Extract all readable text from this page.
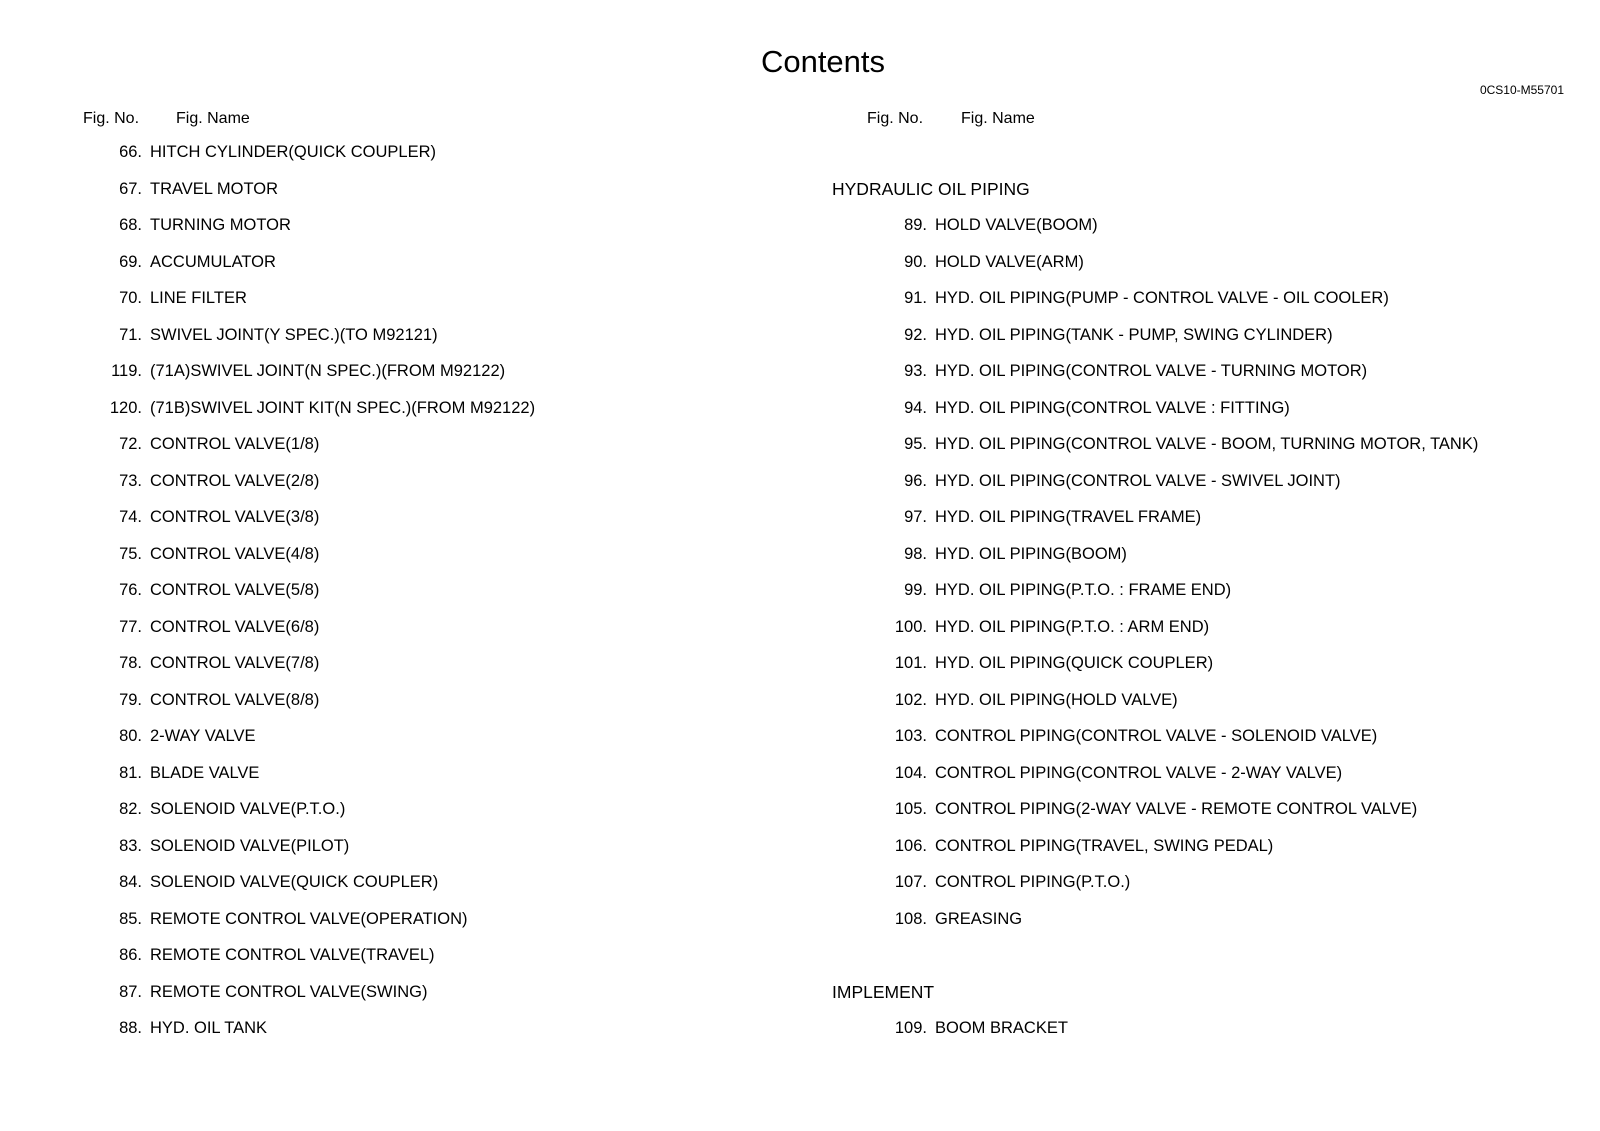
Contents
0CS10-M55701
Fig. No. Fig. Name
66. HITCH CYLINDER(QUICK COUPLER)
67. TRAVEL MOTOR
68. TURNING MOTOR
69. ACCUMULATOR
70. LINE FILTER
71. SWIVEL JOINT(Y SPEC.)(TO M92121)
119. (71A)SWIVEL JOINT(N SPEC.)(FROM M92122)
120. (71B)SWIVEL JOINT KIT(N SPEC.)(FROM M92122)
72. CONTROL VALVE(1/8)
73. CONTROL VALVE(2/8)
74. CONTROL VALVE(3/8)
75. CONTROL VALVE(4/8)
76. CONTROL VALVE(5/8)
77. CONTROL VALVE(6/8)
78. CONTROL VALVE(7/8)
79. CONTROL VALVE(8/8)
80. 2-WAY VALVE
81. BLADE VALVE
82. SOLENOID VALVE(P.T.O.)
83. SOLENOID VALVE(PILOT)
84. SOLENOID VALVE(QUICK COUPLER)
85. REMOTE CONTROL VALVE(OPERATION)
86. REMOTE CONTROL VALVE(TRAVEL)
87. REMOTE CONTROL VALVE(SWING)
88. HYD. OIL TANK
Fig. No. Fig. Name
HYDRAULIC OIL PIPING
89. HOLD VALVE(BOOM)
90. HOLD VALVE(ARM)
91. HYD. OIL PIPING(PUMP - CONTROL VALVE - OIL COOLER)
92. HYD. OIL PIPING(TANK - PUMP, SWING CYLINDER)
93. HYD. OIL PIPING(CONTROL VALVE - TURNING MOTOR)
94. HYD. OIL PIPING(CONTROL VALVE : FITTING)
95. HYD. OIL PIPING(CONTROL VALVE - BOOM, TURNING MOTOR, TANK)
96. HYD. OIL PIPING(CONTROL VALVE - SWIVEL JOINT)
97. HYD. OIL PIPING(TRAVEL FRAME)
98. HYD. OIL PIPING(BOOM)
99. HYD. OIL PIPING(P.T.O. : FRAME END)
100. HYD. OIL PIPING(P.T.O. : ARM END)
101. HYD. OIL PIPING(QUICK COUPLER)
102. HYD. OIL PIPING(HOLD VALVE)
103. CONTROL PIPING(CONTROL VALVE - SOLENOID VALVE)
104. CONTROL PIPING(CONTROL VALVE - 2-WAY VALVE)
105. CONTROL PIPING(2-WAY VALVE - REMOTE CONTROL VALVE)
106. CONTROL PIPING(TRAVEL, SWING PEDAL)
107. CONTROL PIPING(P.T.O.)
108. GREASING
IMPLEMENT
109. BOOM BRACKET
